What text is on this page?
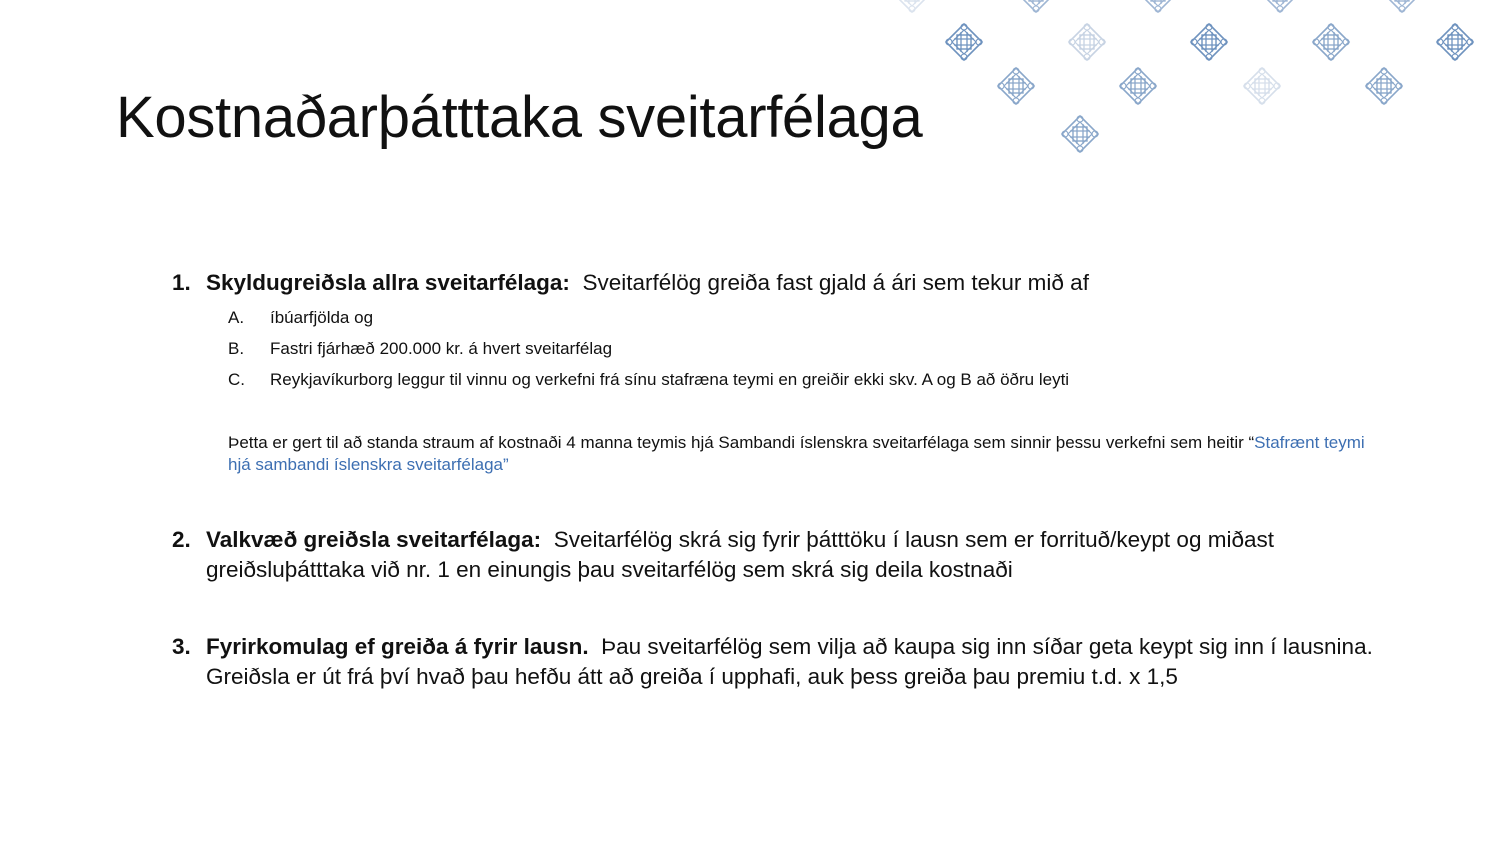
Kostnaðarþátttaka sveitarfélaga
1. Skyldugreiðsla allra sveitarfélaga: Sveitarfélög greiða fast gjald á ári sem tekur mið af
A. íbúarfjölda og
B. Fastri fjárhæð 200.000 kr. á hvert sveitarfélag
C. Reykjavíkurborg leggur til vinnu og verkefni frá sínu stafræna teymi en greiðir ekki skv. A og B að öðru leyti
Þetta er gert til að standa straum af kostnaði 4 manna teymis hjá Sambandi íslenskra sveitarfélaga sem sinnir þessu verkefni sem heitir “Stafrænt teymi hjá sambandi íslenskra sveitarfélaga”
2. Valkvæð greiðsla sveitarfélaga: Sveitarfélög skrá sig fyrir þátttöku í lausn sem er forrituð/keypt og miðast greiðsluþátttaka við nr. 1 en einungis þau sveitarfélög sem skrá sig deila kostnaði
3. Fyrirkomulag ef greiða á fyrir lausn. Þau sveitarfélög sem vilja að kaupa sig inn síðar geta keypt sig inn í lausnina. Greiðsla er út frá því hvað þau hefðu átt að greiða í upphafi, auk þess greiða þau premiu t.d. x 1,5
